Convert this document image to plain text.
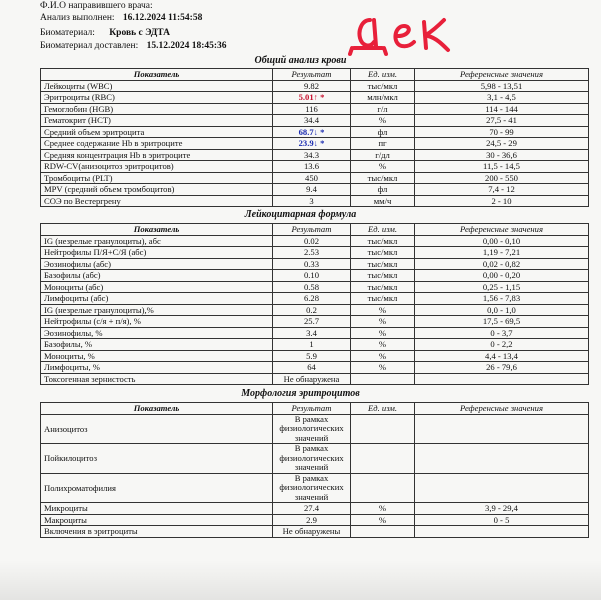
Ф.И.О направившего врача:
Анализ выполнен: 16.12.2024 11:54:58
Биоматериал: Кровь с ЭДТА
Биоматериал доставлен: 15.12.2024 18:45:36
Общий анализ крови
Показатель	Результат	Ед. изм.	Референсные значения
Лейкоциты (WBC)	9.82	тыс/мкл	5,98 - 13,51
Эритроциты (RBC)	5.01↑ *	млн/мкл	3,1 - 4,5
Гемоглобин (HGB)	116	г/л	114 - 144
Гематокрит (HCT)	34.4	%	27,5 - 41
Средний объем эритроцита	68.7↓ *	фл	70 - 99
Среднее содержание Hb в эритроците	23.9↓ *	пг	24,5 - 29
Средняя концентрация Hb в эритроците	34.3	г/дл	30 - 36,6
RDW-CV(анизоцитоз эритроцитов)	13.6	%	11,5 - 14,5
Тромбоциты (PLT)	450	тыс/мкл	200 - 550
MPV (средний объем тромбоцитов)	9.4	фл	7,4 - 12
СОЭ по Вестергрену	3	мм/ч	2 - 10
Лейкоцитарная формула
Показатель	Результат	Ед. изм.	Референсные значения
IG (незрелые гранулоциты), абс	0.02	тыс/мкл	0,00 - 0,10
Нейтрофилы П/Я+С/Я (абс)	2.53	тыс/мкл	1,19 - 7,21
Эозинофилы (абс)	0.33	тыс/мкл	0,02 - 0,82
Базофилы (абс)	0.10	тыс/мкл	0,00 - 0,20
Моноциты (абс)	0.58	тыс/мкл	0,25 - 1,15
Лимфоциты (абс)	6.28	тыс/мкл	1,56 - 7,83
IG (незрелые гранулоциты),%	0.2	%	0,0 - 1,0
Нейтрофилы (с/я + п/я), %	25.7	%	17,5 - 69,5
Эозинофилы, %	3.4	%	0 - 3,7
Базофилы, %	1	%	0 - 2,2
Моноциты, %	5.9	%	4,4 - 13,4
Лимфоциты, %	64	%	26 - 79,6
Токсогенная зернистость	Не обнаружена		
Морфология эритроцитов
Показатель	Результат	Ед. изм.	Референсные значения
Анизоцитоз	В рамках физиологических значений		
Пойкилоцитоз	В рамках физиологических значений		
Полихроматофилия	В рамках физиологических значений		
Микроциты	27.4	%	3,9 - 29,4
Макроциты	2.9	%	0 - 5
Включения в эритроциты	Не обнаружены		
